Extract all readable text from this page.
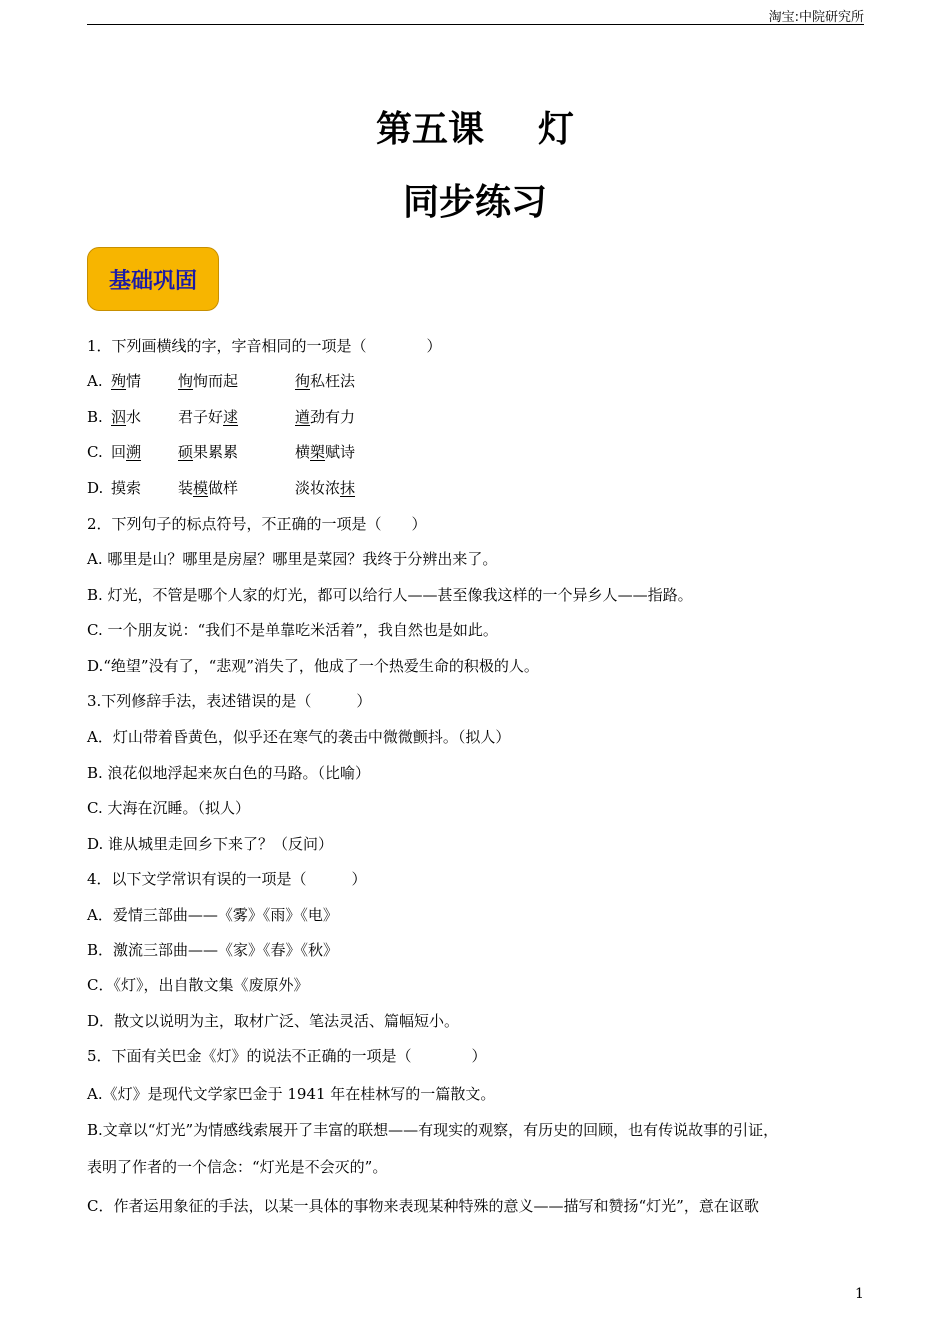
淘宝:中院研究所
第五课 灯
同步练习
基础巩固
1．下列画横线的字，字音相同的一项是（　　　　）
A. 殉情 恂恂而起	徇私枉法
B. 泅水 君子好逑	遒劲有力
C. 回溯 硕果累累	横槊赋诗
D. 摸索 装模做样	淡妆浓抹
2．下列句子的标点符号，不正确的一项是（　　）
A. 哪里是山？哪里是房屋？哪里是菜园？我终于分辨出来了。
B. 灯光，不管是哪个人家的灯光，都可以给行人——甚至像我这样的一个异乡人——指路。
C. 一个朋友说：“我们不是单靠吃米活着”，我自然也是如此。
D.“绝望”没有了，“悲观”消失了，他成了一个热爱生命的积极的人。
3.下列修辞手法，表述错误的是（　　　）
A．灯山带着昏黄色，似乎还在寒气的袭击中微微颤抖。（拟人）
B. 浪花似地浮起来灰白色的马路。（比喻）
C. 大海在沉睡。（拟人）
D. 谁从城里走回乡下来了？（反问）
4．以下文学常识有误的一项是（　　　）
A．爱情三部曲——《雾》《雨》《电》
B．激流三部曲——《家》《春》《秋》
C．《灯》，出自散文集《废原外》
D．散文以说明为主，取材广泛、笔法灵活、篇幅短小。
5．下面有关巴金《灯》的说法不正确的一项是（　　　　）
A.《灯》是现代文学家巴金于 1941 年在桂林写的一篇散文。
B.文章以“灯光”为情感线索展开了丰富的联想——有现实的观察，有历史的回顾，也有传说故事的引证，
表明了作者的一个信念：“灯光是不会灭的”。
C．作者运用象征的手法，以某一具体的事物来表现某种特殊的意义——描写和赞扬“灯光”，意在讴歌
1
